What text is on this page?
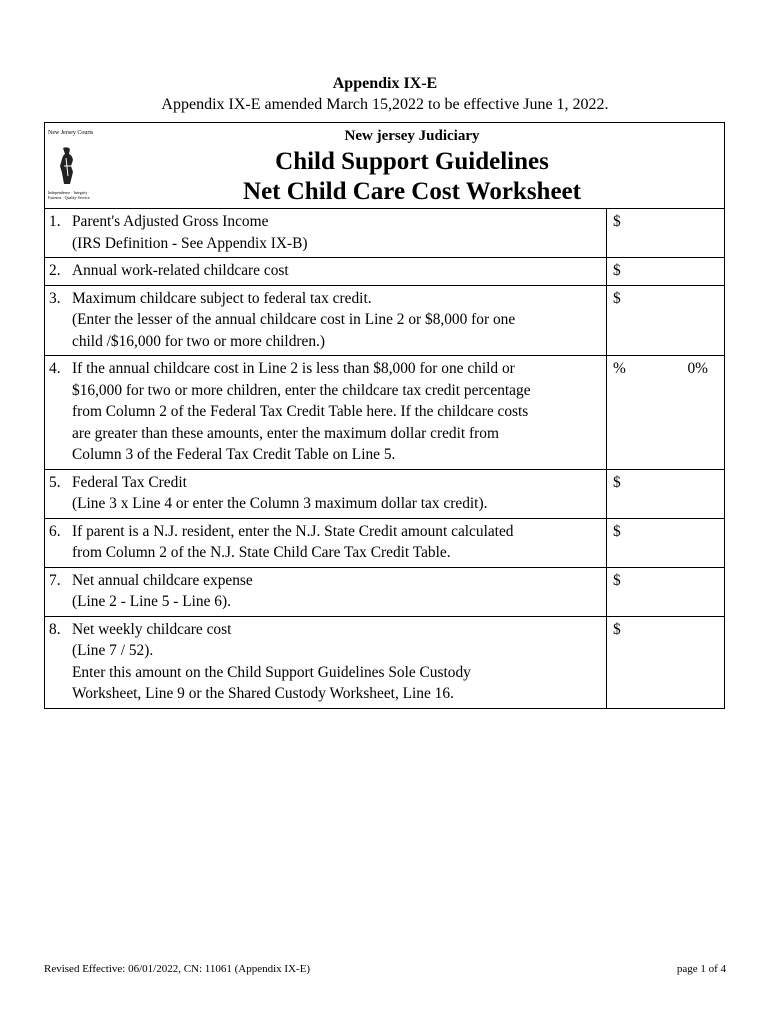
Appendix IX-E
Appendix IX-E amended March 15,2022 to be effective June 1, 2022.
New Jersey Courts
Independence · Integrity · Fairness · Quality Service
New jersey Judiciary
Child Support Guidelines
Net Child Care Cost Worksheet
1. Parent's Adjusted Gross Income
(IRS Definition - See Appendix IX-B)
$
2. Annual work-related childcare cost	$
3. Maximum childcare subject to federal tax credit.
(Enter the lesser of the annual childcare cost in Line 2 or $8,000 for one
child /$16,000 for two or more children.)
$
4. If the annual childcare cost in Line 2 is less than $8,000 for one child or
$16,000 for two or more children, enter the childcare tax credit percentage
from Column 2 of the Federal Tax Credit Table here. If the childcare costs
are greater than these amounts, enter the maximum dollar credit from
Column 3 of the Federal Tax Credit Table on Line 5.
%	0%
5. Federal Tax Credit
(Line 3 x Line 4 or enter the Column 3 maximum dollar tax credit).
$
6. If parent is a N.J. resident, enter the N.J. State Credit amount calculated
from Column 2 of the N.J. State Child Care Tax Credit Table.
$
7. Net annual childcare expense
(Line 2 - Line 5 - Line 6).
$
8. Net weekly childcare cost
(Line 7 / 52).
Enter this amount on the Child Support Guidelines Sole Custody
Worksheet, Line 9 or the Shared Custody Worksheet, Line 16.
$
Revised Effective: 06/01/2022, CN: 11061 (Appendix IX-E)	page 1 of 4
